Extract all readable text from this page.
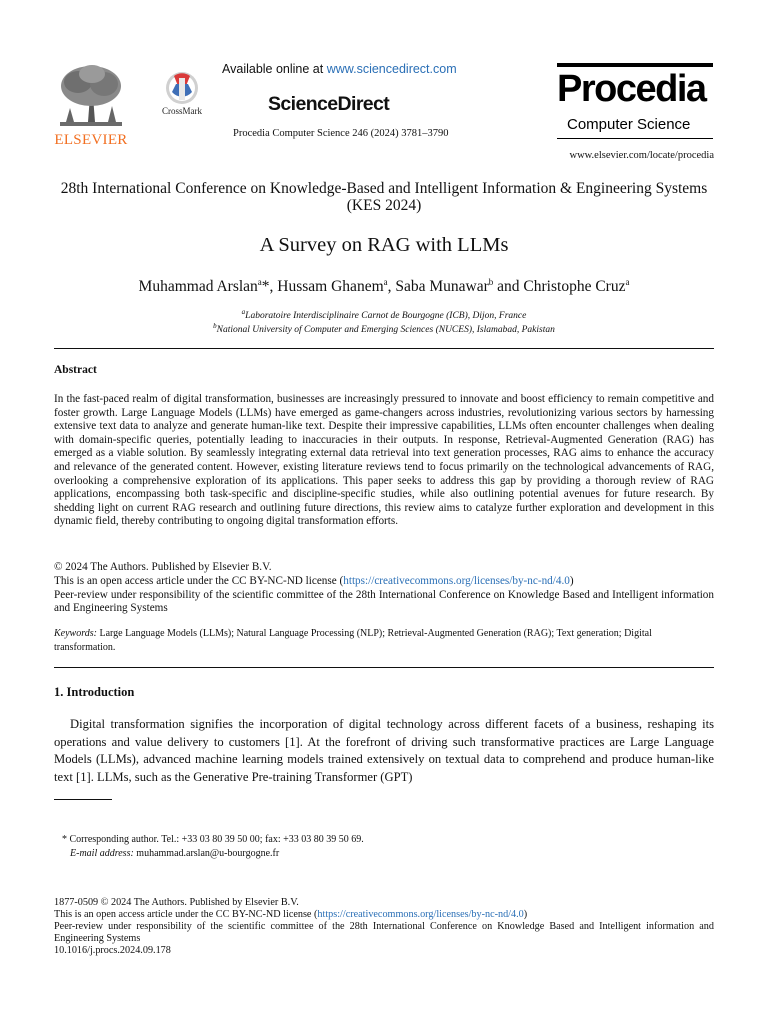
ELSEVIER
CrossMark
Available online at www.sciencedirect.com
ScienceDirect
Procedia Computer Science 246 (2024) 3781–3790
Procedia
Computer Science
www.elsevier.com/locate/procedia
28th International Conference on Knowledge-Based and Intelligent Information & Engineering Systems (KES 2024)
A Survey on RAG with LLMs
Muhammad Arslan$^a$*, Hussam Ghanem$^a$, Saba Munawar$^b$ and Christophe Cruz$^a$
$^a$Laboratoire Interdisciplinaire Carnot de Bourgogne (ICB), Dijon, France
$^b$National University of Computer and Emerging Sciences (NUCES), Islamabad, Pakistan
Abstract
In the fast-paced realm of digital transformation, businesses are increasingly pressured to innovate and boost efficiency to remain competitive and foster growth. Large Language Models (LLMs) have emerged as game-changers across industries, revolutionizing various sectors by harnessing extensive text data to analyze and generate human-like text. Despite their impressive capabilities, LLMs often encounter challenges when dealing with domain-specific queries, potentially leading to inaccuracies in their outputs. In response, Retrieval-Augmented Generation (RAG) has emerged as a viable solution. By seamlessly integrating external data retrieval into text generation processes, RAG aims to enhance the accuracy and relevance of the generated content. However, existing literature reviews tend to focus primarily on the technological advancements of RAG, overlooking a comprehensive exploration of its applications. This paper seeks to address this gap by providing a thorough review of RAG applications, encompassing both task-specific and discipline-specific studies, while also outlining potential avenues for future research. By shedding light on current RAG research and outlining future directions, this review aims to catalyze further exploration and development in this dynamic field, thereby contributing to ongoing digital transformation efforts.
© 2024 The Authors. Published by Elsevier B.V.
This is an open access article under the CC BY-NC-ND license (https://creativecommons.org/licenses/by-nc-nd/4.0)
Peer-review under responsibility of the scientific committee of the 28th International Conference on Knowledge Based and Intelligent information and Engineering Systems
Keywords: Large Language Models (LLMs); Natural Language Processing (NLP); Retrieval-Augmented Generation (RAG); Text generation; Digital transformation.
1. Introduction
Digital transformation signifies the incorporation of digital technology across different facets of a business, reshaping its operations and value delivery to customers [1]. At the forefront of driving such transformative practices are Large Language Models (LLMs), advanced machine learning models trained extensively on textual data to comprehend and produce human-like text [1]. LLMs, such as the Generative Pre-training Transformer (GPT)
* Corresponding author. Tel.: +33 03 80 39 50 00; fax: +33 03 80 39 50 69.
E-mail address: muhammad.arslan@u-bourgogne.fr
1877-0509 © 2024 The Authors. Published by Elsevier B.V.
This is an open access article under the CC BY-NC-ND license (https://creativecommons.org/licenses/by-nc-nd/4.0)
Peer-review under responsibility of the scientific committee of the 28th International Conference on Knowledge Based and Intelligent information and Engineering Systems
10.1016/j.procs.2024.09.178
